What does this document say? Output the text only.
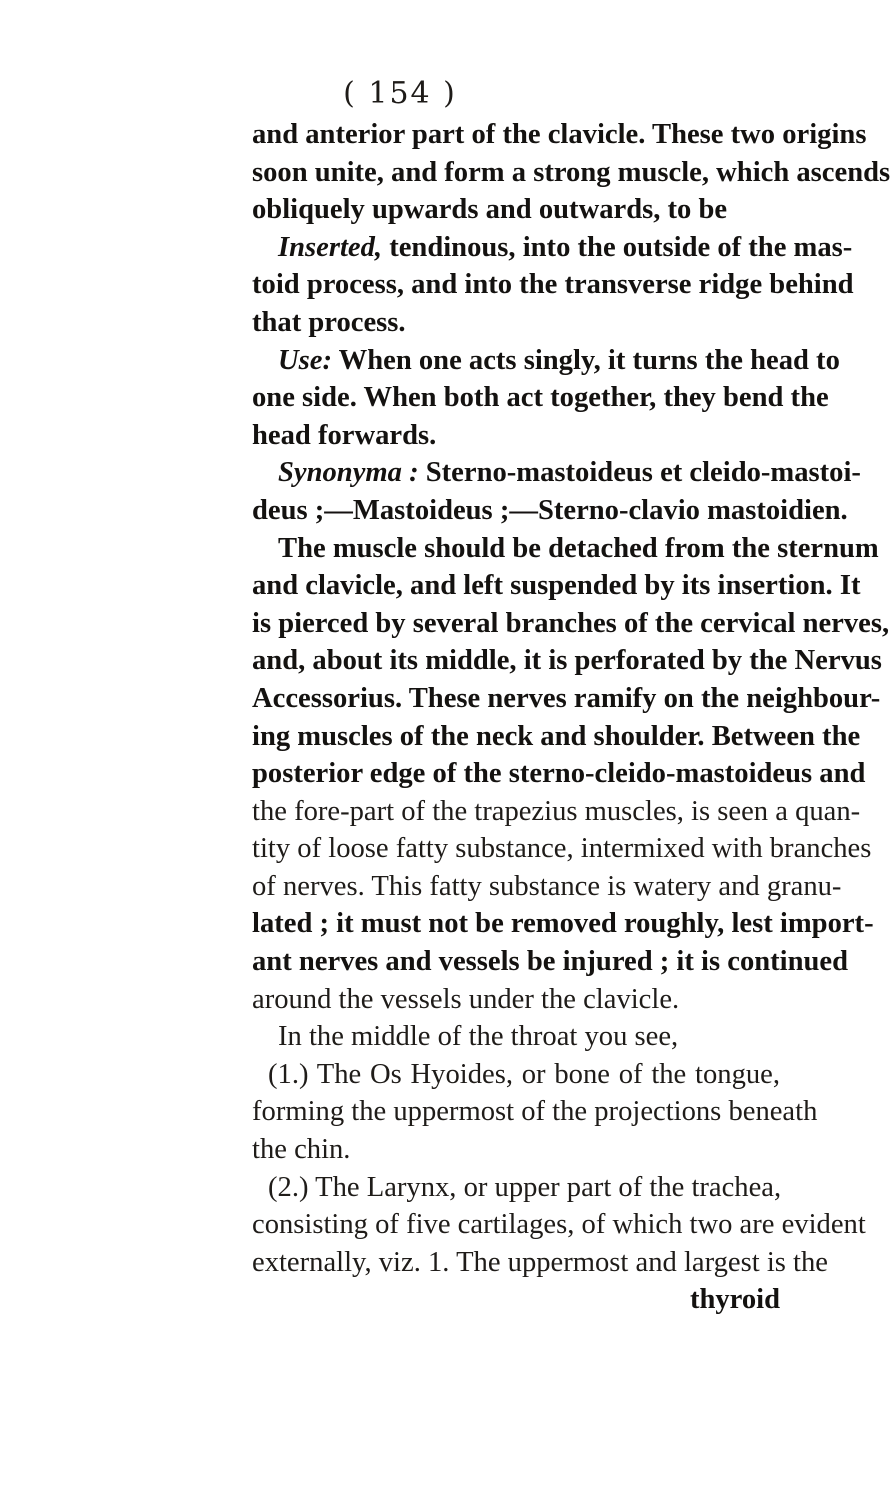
( 154 )
and anterior part of the clavicle. These two origins
soon unite, and form a strong muscle, which ascends
obliquely upwards and outwards, to be
Inserted, tendinous, into the outside of the mas-
toid process, and into the transverse ridge behind
that process.
Use: When one acts singly, it turns the head to
one side. When both act together, they bend the
head forwards.
Synonyma : Sterno-mastoideus et cleido-mastoi-
deus ;—Mastoideus ;—Sterno-clavio mastoidien.
The muscle should be detached from the sternum
and clavicle, and left suspended by its insertion. It
is pierced by several branches of the cervical nerves,
and, about its middle, it is perforated by the Nervus
Accessorius. These nerves ramify on the neighbour-
ing muscles of the neck and shoulder. Between the
posterior edge of the sterno-cleido-mastoideus and
the fore-part of the trapezius muscles, is seen a quan-
tity of loose fatty substance, intermixed with branches
of nerves. This fatty substance is watery and granu-
lated ; it must not be removed roughly, lest import-
ant nerves and vessels be injured ; it is continued
around the vessels under the clavicle.
In the middle of the throat you see,
(1.) The Os Hyoides, or bone of the tongue,
forming the uppermost of the projections beneath
the chin.
(2.) The Larynx, or upper part of the trachea,
consisting of five cartilages, of which two are evident
externally, viz. 1. The uppermost and largest is the
thyroid
